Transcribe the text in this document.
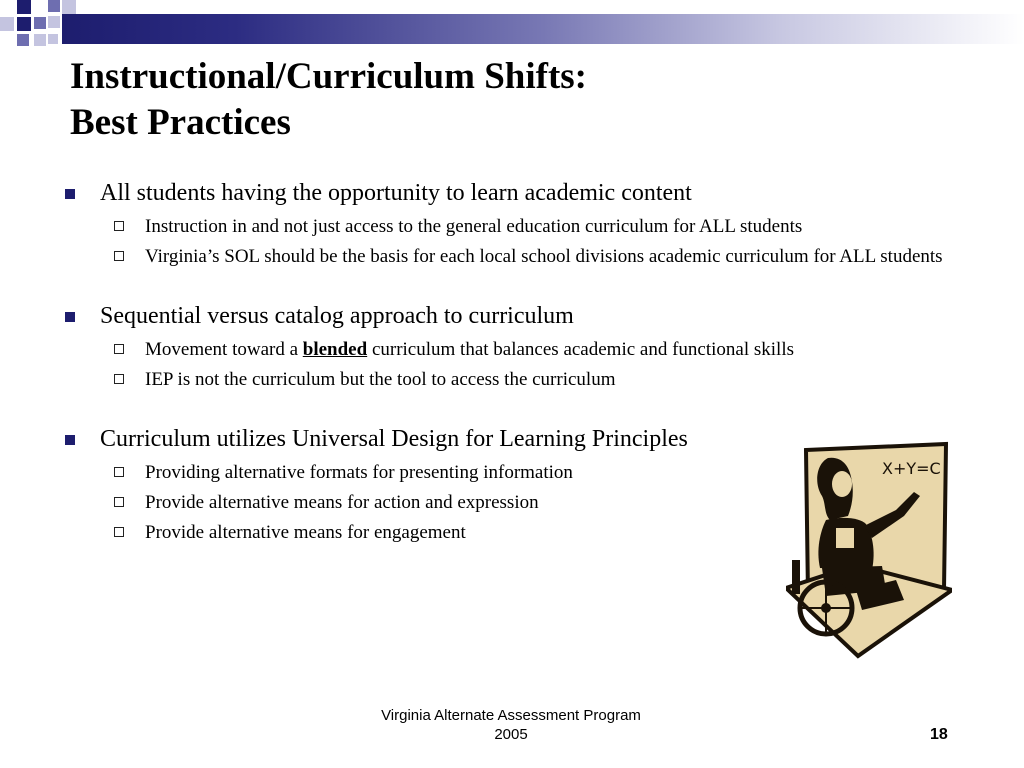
Instructional/Curriculum Shifts:
Best Practices
All students having the opportunity to learn academic content
Instruction in and not just access to the general education curriculum for ALL students
Virginia’s SOL should be the basis for each local school divisions academic curriculum for ALL students
Sequential versus catalog approach to curriculum
Movement toward a blended curriculum that balances academic and functional skills
IEP is not the curriculum but the tool to access the curriculum
Curriculum utilizes Universal Design for Learning Principles
Providing alternative formats for presenting information
Provide alternative means for action and expression
Provide alternative means for engagement
X+Y=C
Virginia Alternate Assessment Program
2005	18
